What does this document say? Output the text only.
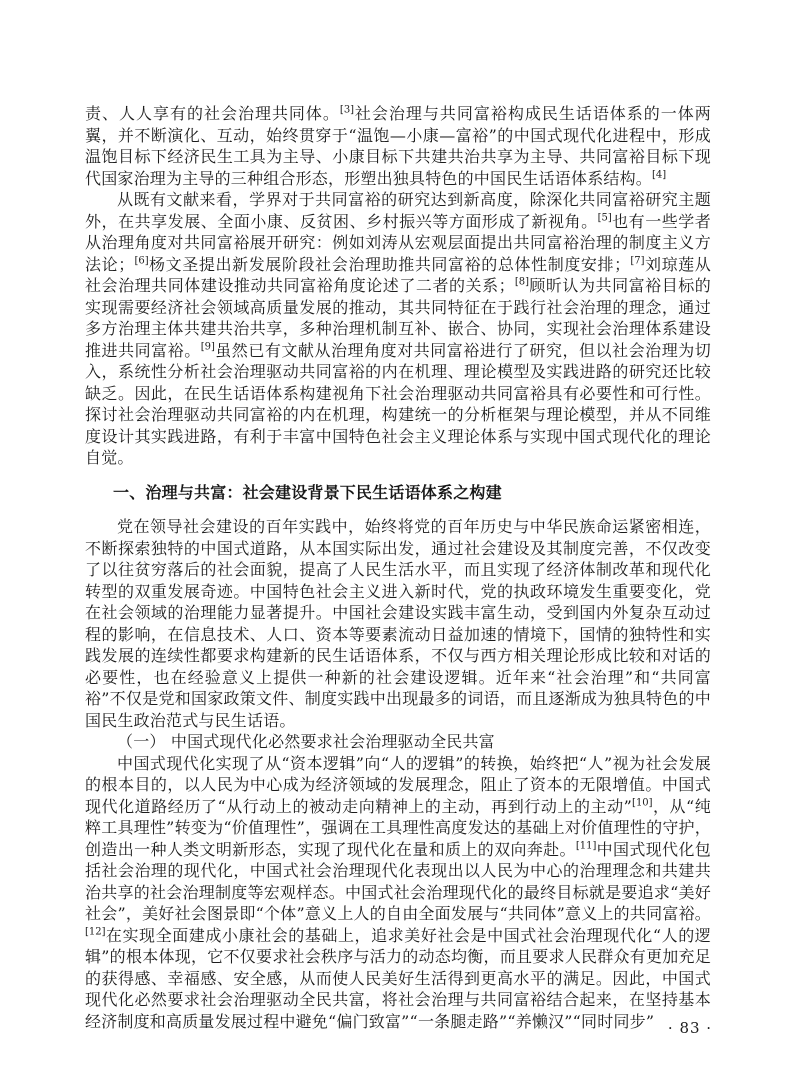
责、人人享有的社会治理共同体。[3]社会治理与共同富裕构成民生话语体系的一体两翼，并不断演化、互动，始终贯穿于“温饱—小康—富裕”的中国式现代化进程中，形成温饱目标下经济民生工具为主导、小康目标下共建共治共享为主导、共同富裕目标下现代国家治理为主导的三种组合形态，形塑出独具特色的中国民生话语体系结构。[4]

从既有文献来看，学界对于共同富裕的研究达到新高度，除深化共同富裕研究主题外，在共享发展、全面小康、反贫困、乡村振兴等方面形成了新视角。[5]也有一些学者从治理角度对共同富裕展开研究：例如刘涛从宏观层面提出共同富裕治理的制度主义方法论；[6]杨文圣提出新发展阶段社会治理助推共同富裕的总体性制度安排；[7]刘琼莲从社会治理共同体建设推动共同富裕角度论述了二者的关系；[8]顾昕认为共同富裕目标的实现需要经济社会领域高质量发展的推动，其共同特征在于践行社会治理的理念，通过多方治理主体共建共治共享，多种治理机制互补、嵌合、协同，实现社会治理体系建设推进共同富裕。[9]虽然已有文献从治理角度对共同富裕进行了研究，但以社会治理为切入，系统性分析社会治理驱动共同富裕的内在机理、理论模型及实践进路的研究还比较缺乏。因此，在民生话语体系构建视角下社会治理驱动共同富裕具有必要性和可行性。探讨社会治理驱动共同富裕的内在机理，构建统一的分析框架与理论模型，并从不同维度设计其实践进路，有利于丰富中国特色社会主义理论体系与实现中国式现代化的理论自觉。

一、治理与共富：社会建设背景下民生话语体系之构建

党在领导社会建设的百年实践中，始终将党的百年历史与中华民族命运紧密相连，不断探索独特的中国式道路，从本国实际出发，通过社会建设及其制度完善，不仅改变了以往贫穷落后的社会面貌，提高了人民生活水平，而且实现了经济体制改革和现代化转型的双重发展奇迹。中国特色社会主义进入新时代，党的执政环境发生重要变化，党在社会领域的治理能力显著提升。中国社会建设实践丰富生动，受到国内外复杂互动过程的影响，在信息技术、人口、资本等要素流动日益加速的情境下，国情的独特性和实践发展的连续性都要求构建新的民生话语体系，不仅与西方相关理论形成比较和对话的必要性，也在经验意义上提供一种新的社会建设逻辑。近年来“社会治理”和“共同富裕”不仅是党和国家政策文件、制度实践中出现最多的词语，而且逐渐成为独具特色的中国民生政治范式与民生话语。

（一） 中国式现代化必然要求社会治理驱动全民共富

中国式现代化实现了从“资本逻辑”向“人的逻辑”的转换，始终把“人”视为社会发展的根本目的，以人民为中心成为经济领域的发展理念，阻止了资本的无限增值。中国式现代化道路经历了“从行动上的被动走向精神上的主动，再到行动上的主动”[10]，从“纯粹工具理性”转变为“价值理性”，强调在工具理性高度发达的基础上对价值理性的守护，创造出一种人类文明新形态，实现了现代化在量和质上的双向奔赴。[11]中国式现代化包括社会治理的现代化，中国式社会治理现代化表现出以人民为中心的治理理念和共建共治共享的社会治理制度等宏观样态。中国式社会治理现代化的最终目标就是要追求“美好社会”，美好社会图景即“个体”意义上人的自由全面发展与“共同体”意义上的共同富裕。[12]在实现全面建成小康社会的基础上，追求美好社会是中国式社会治理现代化“人的逻辑”的根本体现，它不仅要求社会秩序与活力的动态均衡，而且要求人民群众有更加充足的获得感、幸福感、安全感，从而使人民美好生活得到更高水平的满足。因此，中国式现代化必然要求社会治理驱动全民共富，将社会治理与共同富裕结合起来，在坚持基本经济制度和高质量发展过程中避免“偏门致富”“一条腿走路”“养懒汉”“同时同步” · 83 ·
